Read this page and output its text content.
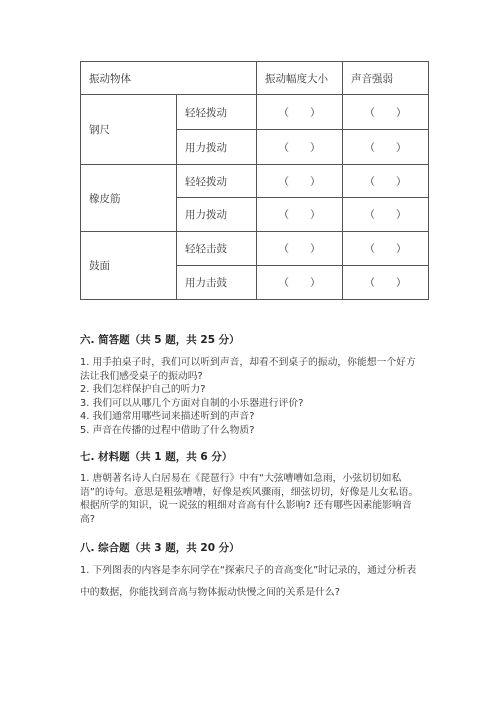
振动物体		振动幅度大小	声音强弱
钢尺	轻轻拨动	（　　）	（　　）
	用力拨动	（　　）	（　　）
橡皮筋	轻轻拨动	（　　）	（　　）
	用力拨动	（　　）	（　　）
鼓面	轻轻击鼓	（　　）	（　　）
	用力击鼓	（　　）	（　　）
六. 简答题（共 5 题，共 25 分）

1. 用手拍桌子时，我们可以听到声音，却看不到桌子的振动，你能想一个好方法让我们感受桌子的振动吗?

2. 我们怎样保护自己的听力?

3. 我们可以从哪几个方面对自制的小乐器进行评价?

4. 我们通常用哪些词来描述听到的声音?

5. 声音在传播的过程中借助了什么物质?

七. 材料题（共 1 题，共 6 分）

1. 唐朝著名诗人白居易在《琵琶行》中有“大弦嘈嘈如急雨，小弦切切如私语”的诗句。意思是粗弦嘈嘈，好像是疾风骤雨，细弦切切，好像是儿女私语。根据所学的知识，说一说弦的粗细对音高有什么影响? 还有哪些因素能影响音高?

八. 综合题（共 3 题，共 20 分）

1. 下列图表的内容是李东同学在“探索尺子的音高变化”时记录的，通过分析表中的数据，你能找到音高与物体振动快慢之间的关系是什么?
